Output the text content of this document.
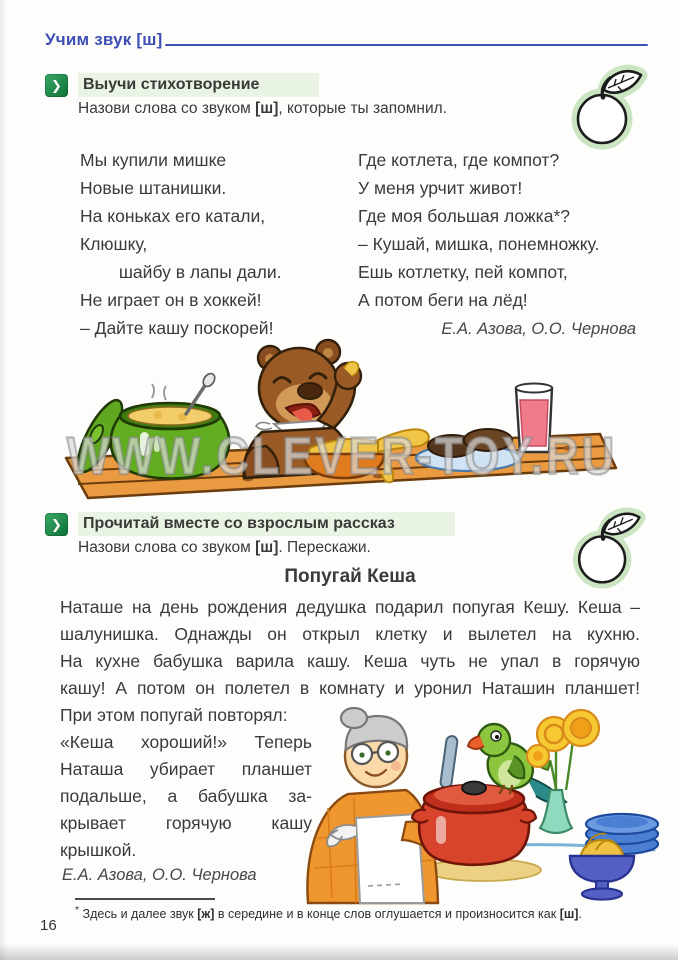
Учим звук [ш]
❯	Выучи стихотворение
Назови слова со звуком [ш], которые ты запомнил.
Мы купили мишке
Новые штанишки.
На коньках его катали,
Клюшку,
шайбу в лапы дали.
Не играет он в хоккей!
– Дайте кашу поскорей!
Где котлета, где компот?
У меня урчит живот!
Где моя большая ложка*?
– Кушай, мишка, понемножку.
Ешь котлетку, пей компот,
А потом беги на лёд!
Е.А. Азова, О.О. Чернова
WWW.CLEVER-TOY.RU
❯	Прочитай вместе со взрослым рассказ
Назови слова со звуком [ш]. Перескажи.
Попугай Кеша
Наташе на день рождения дедушка подарил попугая Кешу. Кеша –
шалунишка. Однажды он открыл клетку и вылетел на кухню.
На кухне бабушка варила кашу. Кеша чуть не упал в горячую
кашу! А потом он полетел в комнату и уронил Наташин планшет!
При этом попугай повторял:
«Кеша хороший!» Теперь
Наташа убирает планшет
подальше, а бабушка за-
крывает горячую кашу
крышкой.
Е.А. Азова, О.О. Чернова
* Здесь и далее звук [ж] в середине и в конце слов оглушается и произносится как [ш].
16
